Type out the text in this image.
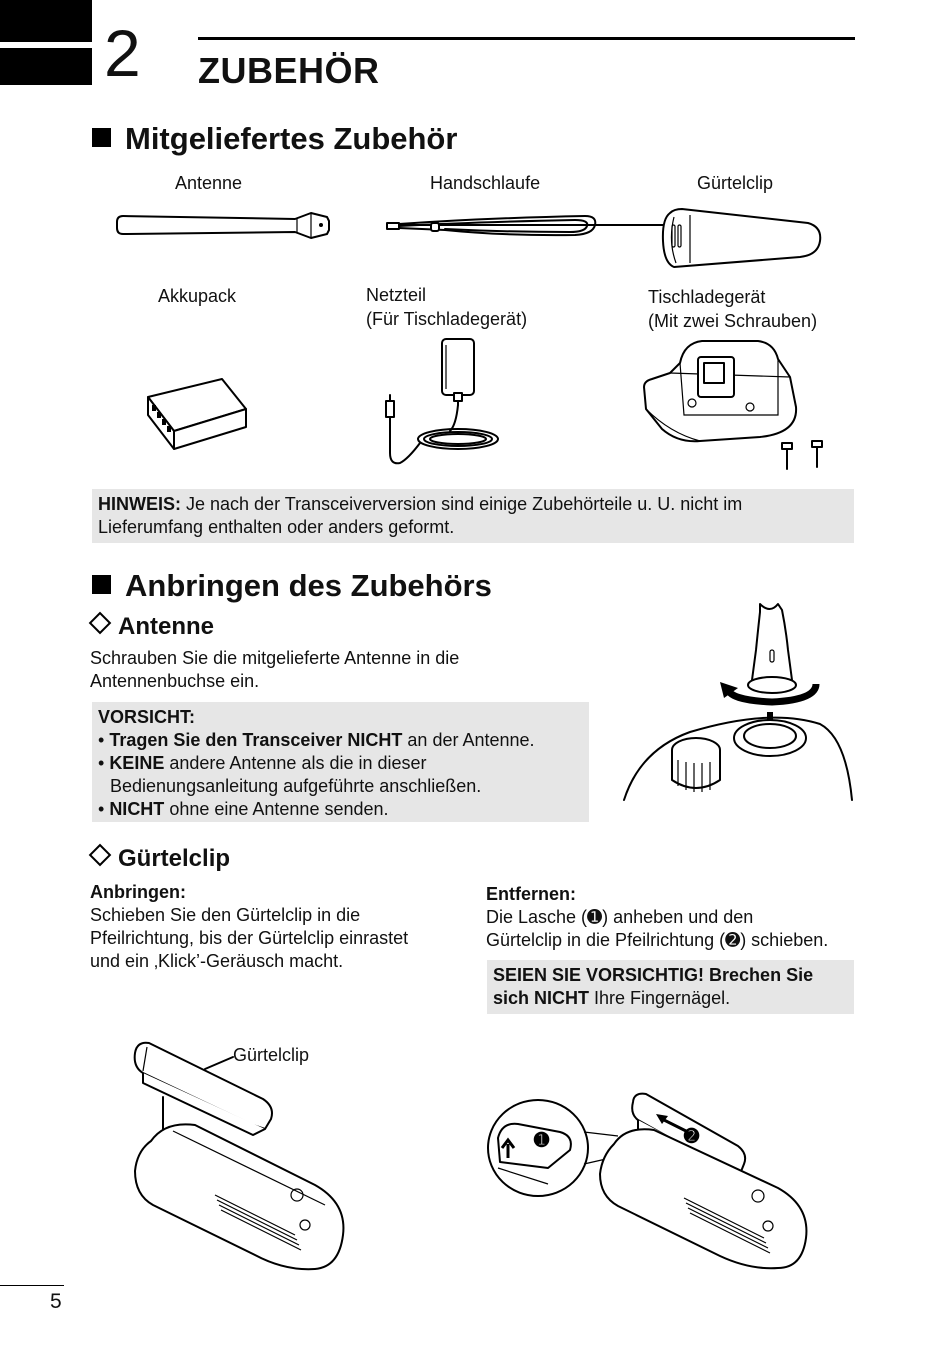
2 ZUBEHÖR
Mitgeliefertes Zubehör
Antenne	Handschlaufe	Gürtelclip
Akkupack	Netzteil
(Für Tischladegerät)
Tischladegerät
(Mit zwei Schrauben)
HINWEIS: Je nach der Transceiverversion sind einige Zubehörteile u. U. nicht im
Lieferumfang enthalten oder anders geformt.
Anbringen des Zubehörs
Antenne
Schrauben Sie die mitgelieferte Antenne in die
Antennenbuchse ein.
VORSICHT:
• Tragen Sie den Transceiver NICHT an der Antenne.
• KEINE andere Antenne als die in dieser
Bedienungsanleitung aufgeführte anschließen.
• NICHT ohne eine Antenne senden.
Gürtelclip
Anbringen:
Schieben Sie den Gürtelclip in die
Pfeilrichtung, bis der Gürtelclip einrastet
und ein ‚Klick’-Geräusch macht.
Entfernen:
Die Lasche (➊) anheben und den
Gürtelclip in die Pfeilrichtung (➋) schieben.
SEIEN SIE VORSICHTIG! Brechen Sie
sich NICHT Ihre Fingernägel.
Gürtelclip
➊	➋
5
